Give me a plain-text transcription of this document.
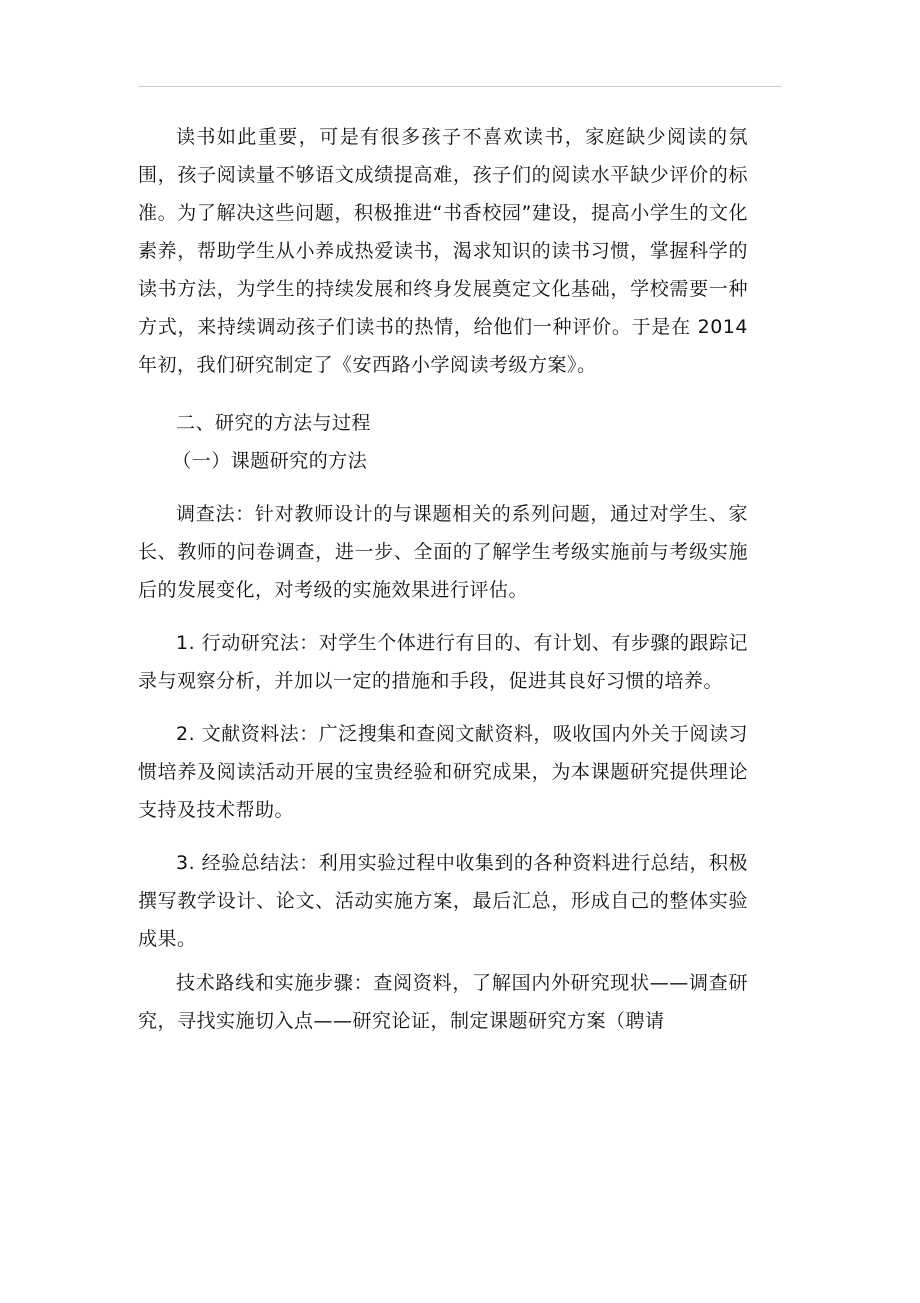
读书如此重要，可是有很多孩子不喜欢读书，家庭缺少阅读的氛围，孩子阅读量不够语文成绩提高难，孩子们的阅读水平缺少评价的标准。为了解决这些问题，积极推进“书香校园”建设，提高小学生的文化素养，帮助学生从小养成热爱读书，渴求知识的读书习惯，掌握科学的读书方法，为学生的持续发展和终身发展奠定文化基础，学校需要一种方式，来持续调动孩子们读书的热情，给他们一种评价。于是在 2014 年初，我们研究制定了《安西路小学阅读考级方案》。

二、研究的方法与过程

（一）课题研究的方法

调查法：针对教师设计的与课题相关的系列问题，通过对学生、家长、教师的问卷调查，进一步、全面的了解学生考级实施前与考级实施后的发展变化，对考级的实施效果进行评估。

1. 行动研究法：对学生个体进行有目的、有计划、有步骤的跟踪记录与观察分析，并加以一定的措施和手段，促进其良好习惯的培养。

2. 文献资料法：广泛搜集和查阅文献资料，吸收国内外关于阅读习惯培养及阅读活动开展的宝贵经验和研究成果，为本课题研究提供理论支持及技术帮助。

3. 经验总结法：利用实验过程中收集到的各种资料进行总结，积极撰写教学设计、论文、活动实施方案，最后汇总，形成自己的整体实验成果。

技术路线和实施步骤：查阅资料，了解国内外研究现状——调查研究，寻找实施切入点——研究论证，制定课题研究方案（聘请
